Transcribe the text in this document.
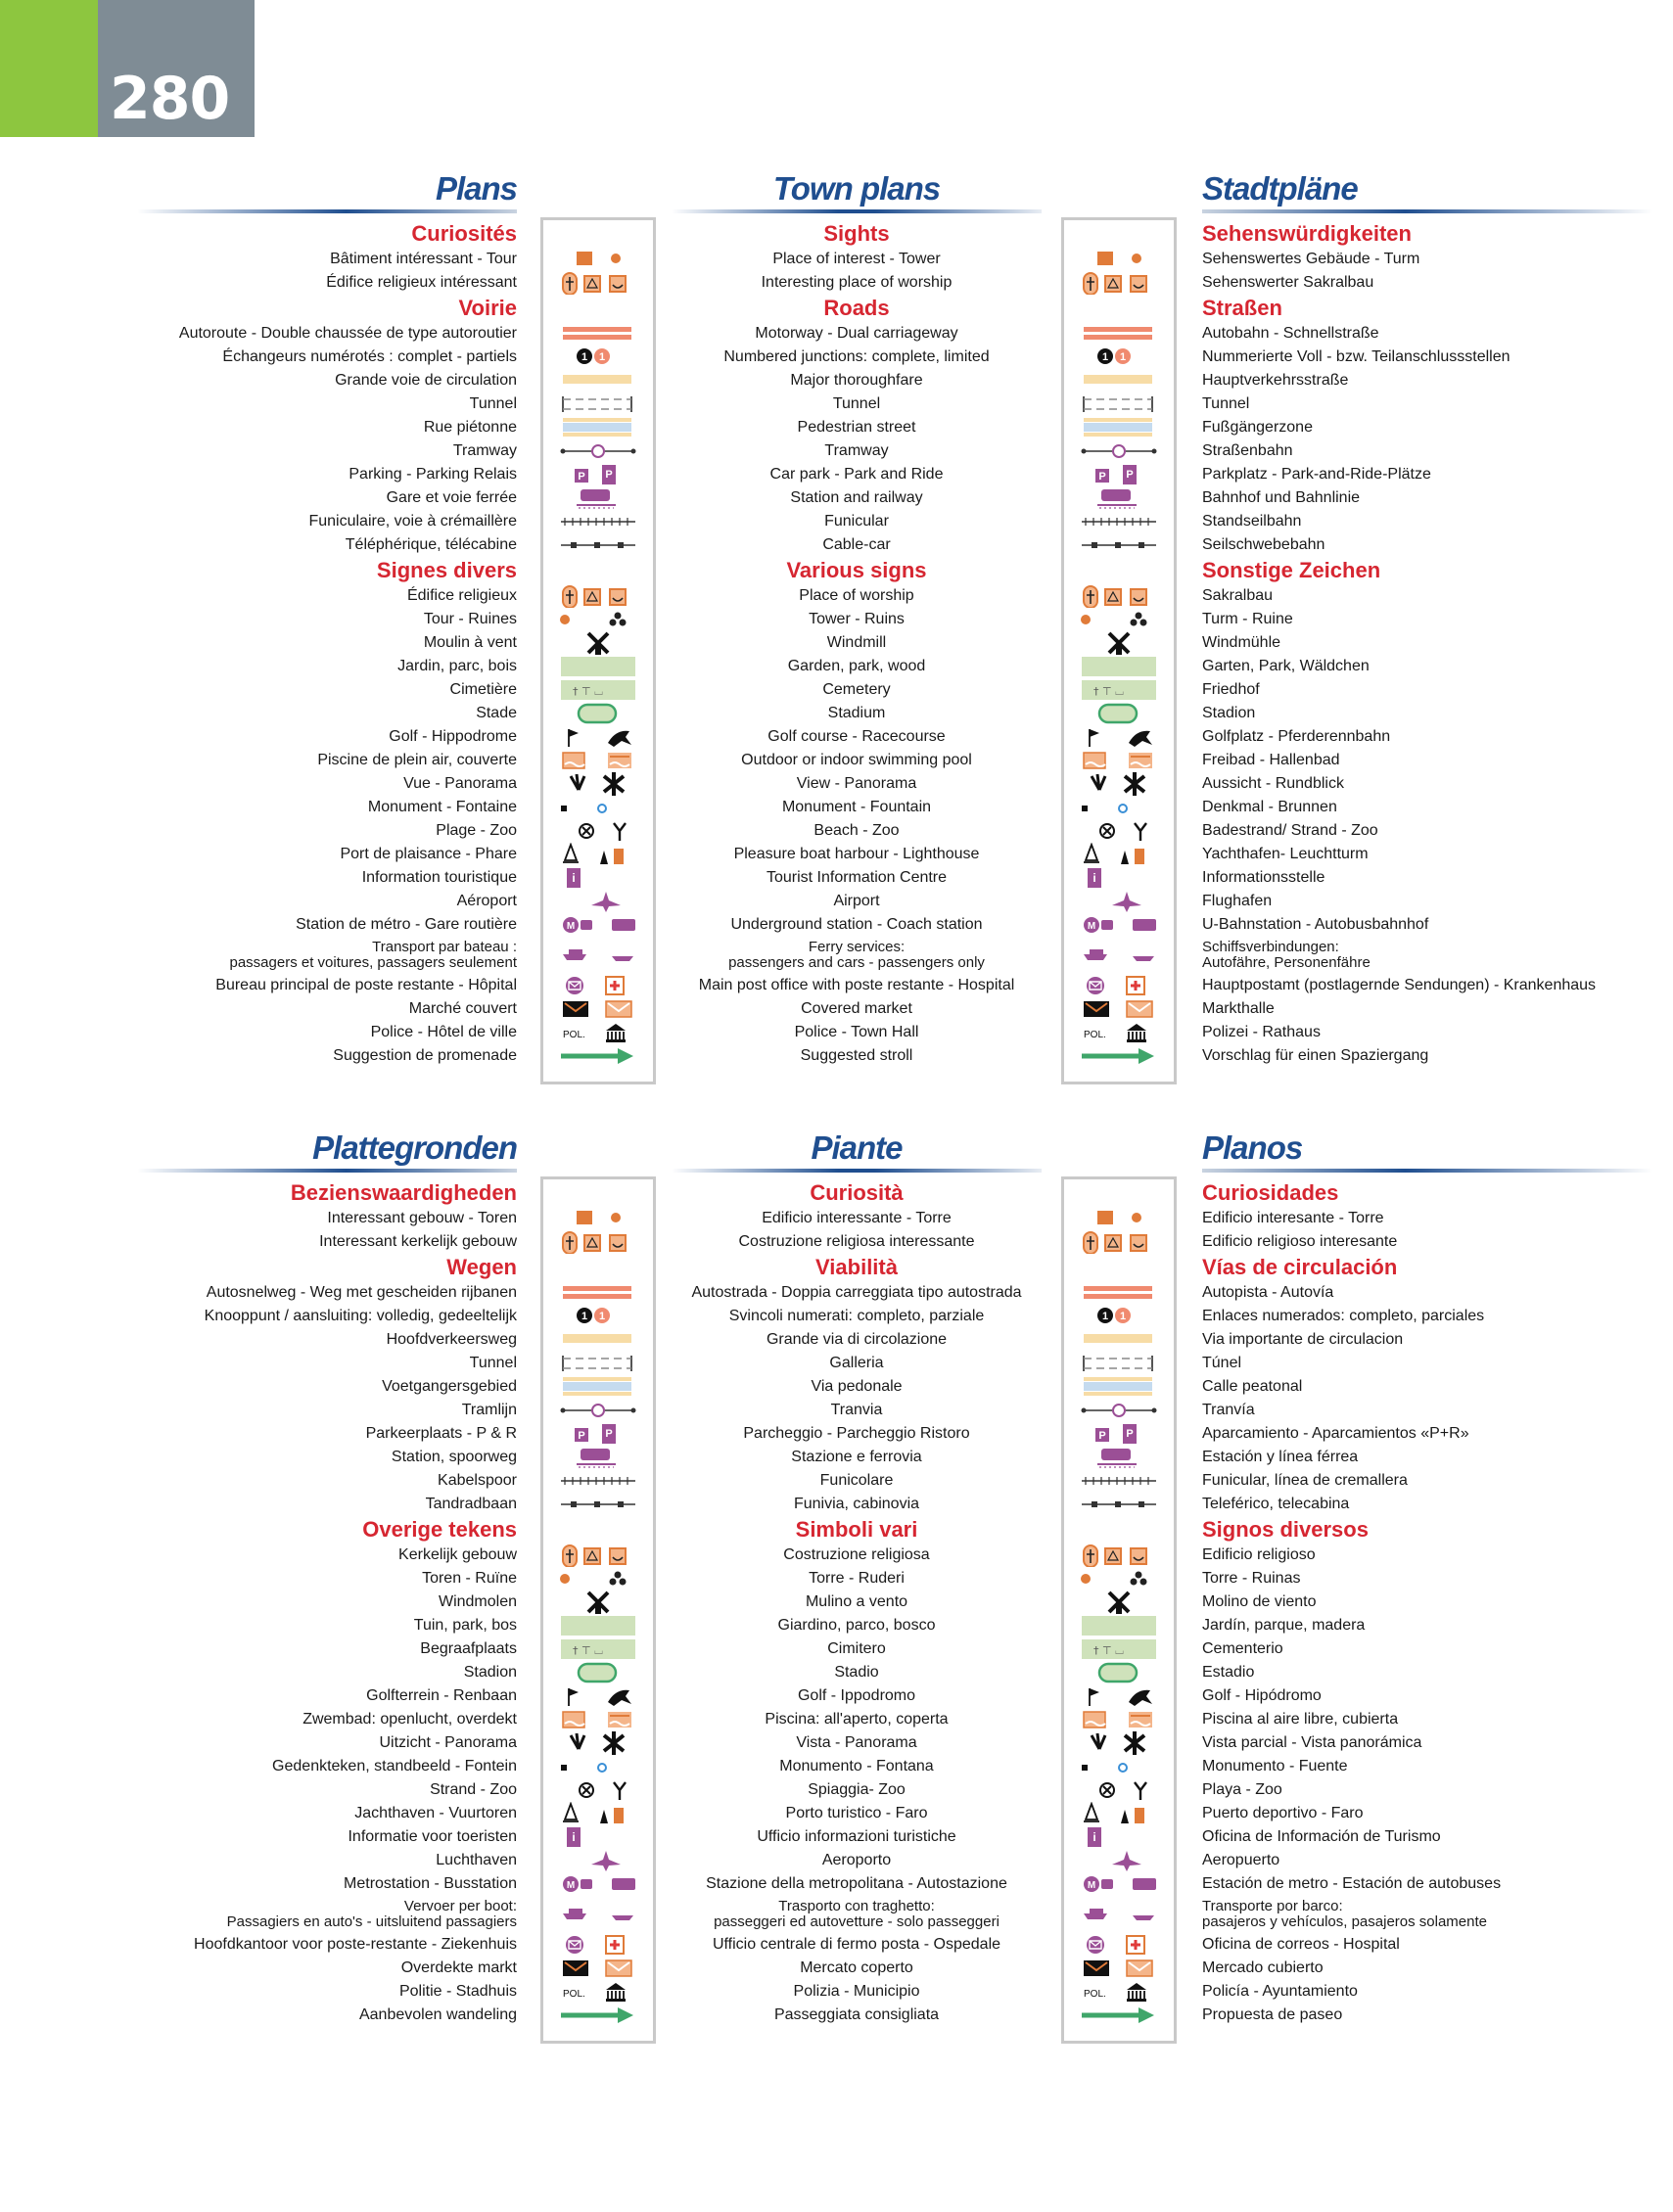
280
Plans
Curiosités
Bâtiment intéressant - Tour
Édifice religieux intéressant
Voirie
Autoroute - Double chaussée de type autoroutier
Échangeurs numérotés : complet - partiels
Grande voie de circulation
Tunnel
Rue piétonne
Tramway
Parking - Parking Relais
Gare et voie ferrée
Funiculaire, voie à crémaillère
Téléphérique, télécabine
Signes divers
Édifice religieux
Tour - Ruines
Moulin à vent
Jardin, parc, bois
Cimetière
Stade
Golf - Hippodrome
Piscine de plein air, couverte
Vue - Panorama
Monument - Fontaine
Plage - Zoo
Port de plaisance - Phare
Information touristique
Aéroport
Station de métro - Gare routière
Transport par bateau :
passagers et voitures, passagers seulement
Bureau principal de poste restante - Hôpital
Marché couvert
Police - Hôtel de ville
Suggestion de promenade
1 1
P P
† ⊤ ⌴
i
M
POL.
Town plans
Sights
Place of interest - Tower
Interesting place of worship
Roads
Motorway - Dual carriageway
Numbered junctions: complete, limited
Major thoroughfare
Tunnel
Pedestrian street
Tramway
Car park - Park and Ride
Station and railway
Funicular
Cable-car
Various signs
Place of worship
Tower - Ruins
Windmill
Garden, park, wood
Cemetery
Stadium
Golf course - Racecourse
Outdoor or indoor swimming pool
View - Panorama
Monument - Fountain
Beach - Zoo
Pleasure boat harbour - Lighthouse
Tourist Information Centre
Airport
Underground station - Coach station
Ferry services:
passengers and cars - passengers only
Main post office with poste restante - Hospital
Covered market
Police - Town Hall
Suggested stroll
Stadtpläne
Sehenswürdigkeiten
Sehenswertes Gebäude - Turm
Sehenswerter Sakralbau
Straßen
Autobahn - Schnellstraße
Nummerierte Voll - bzw. Teilanschlussstellen
Hauptverkehrsstraße
Tunnel
Fußgängerzone
Straßenbahn
Parkplatz - Park-and-Ride-Plätze
Bahnhof und Bahnlinie
Standseilbahn
Seilschwebebahn
Sonstige Zeichen
Sakralbau
Turm - Ruine
Windmühle
Garten, Park, Wäldchen
Friedhof
Stadion
Golfplatz - Pferderennbahn
Freibad - Hallenbad
Aussicht - Rundblick
Denkmal - Brunnen
Badestrand/ Strand - Zoo
Yachthafen- Leuchtturm
Informationsstelle
Flughafen
U-Bahnstation - Autobusbahnhof
Schiffsverbindungen:
Autofähre, Personenfähre
Hauptpostamt (postlagernde Sendungen) - Krankenhaus
Markthalle
Polizei - Rathaus
Vorschlag für einen Spaziergang
1 1
P P
† ⊤ ⌴
i
M
POL.
Plattegronden
Bezienswaardigheden
Interessant gebouw - Toren
Interessant kerkelijk gebouw
Wegen
Autosnelweg - Weg met gescheiden rijbanen
Knooppunt / aansluiting: volledig, gedeeltelijk
Hoofdverkeersweg
Tunnel
Voetgangersgebied
Tramlijn
Parkeerplaats - P & R
Station, spoorweg
Kabelspoor
Tandradbaan
Overige tekens
Kerkelijk gebouw
Toren - Ruïne
Windmolen
Tuin, park, bos
Begraafplaats
Stadion
Golfterrein - Renbaan
Zwembad: openlucht, overdekt
Uitzicht - Panorama
Gedenkteken, standbeeld - Fontein
Strand - Zoo
Jachthaven - Vuurtoren
Informatie voor toeristen
Luchthaven
Metrostation - Busstation
Vervoer per boot:
Passagiers en auto's - uitsluitend passagiers
Hoofdkantoor voor poste-restante - Ziekenhuis
Overdekte markt
Politie - Stadhuis
Aanbevolen wandeling
1 1
P P
† ⊤ ⌴
i
M
POL.
Piante
Curiosità
Edificio interessante - Torre
Costruzione religiosa interessante
Viabilità
Autostrada - Doppia carreggiata tipo autostrada
Svincoli numerati: completo, parziale
Grande via di circolazione
Galleria
Via pedonale
Tranvia
Parcheggio - Parcheggio Ristoro
Stazione e ferrovia
Funicolare
Funivia, cabinovia
Simboli vari
Costruzione religiosa
Torre - Ruderi
Mulino a vento
Giardino, parco, bosco
Cimitero
Stadio
Golf - Ippodromo
Piscina: all'aperto, coperta
Vista - Panorama
Monumento - Fontana
Spiaggia- Zoo
Porto turistico - Faro
Ufficio informazioni turistiche
Aeroporto
Stazione della metropolitana - Autostazione
Trasporto con traghetto:
passeggeri ed autovetture - solo passeggeri
Ufficio centrale di fermo posta - Ospedale
Mercato coperto
Polizia - Municipio
Passeggiata consigliata
Planos
Curiosidades
Edificio interesante - Torre
Edificio religioso interesante
Vías de circulación
Autopista - Autovía
Enlaces numerados: completo, parciales
Via importante de circulacion
Túnel
Calle peatonal
Tranvía
Aparcamiento - Aparcamientos «P+R»
Estación y línea férrea
Funicular, línea de cremallera
Teleférico, telecabina
Signos diversos
Edificio religioso
Torre - Ruinas
Molino de viento
Jardín, parque, madera
Cementerio
Estadio
Golf - Hipódromo
Piscina al aire libre, cubierta
Vista parcial - Vista panorámica
Monumento - Fuente
Playa - Zoo
Puerto deportivo - Faro
Oficina de Información de Turismo
Aeropuerto
Estación de metro - Estación de autobuses
Transporte por barco:
pasajeros y vehículos, pasajeros solamente
Oficina de correos - Hospital
Mercado cubierto
Policía - Ayuntamiento
Propuesta de paseo
1 1
P P
† ⊤ ⌴
i
M
POL.
